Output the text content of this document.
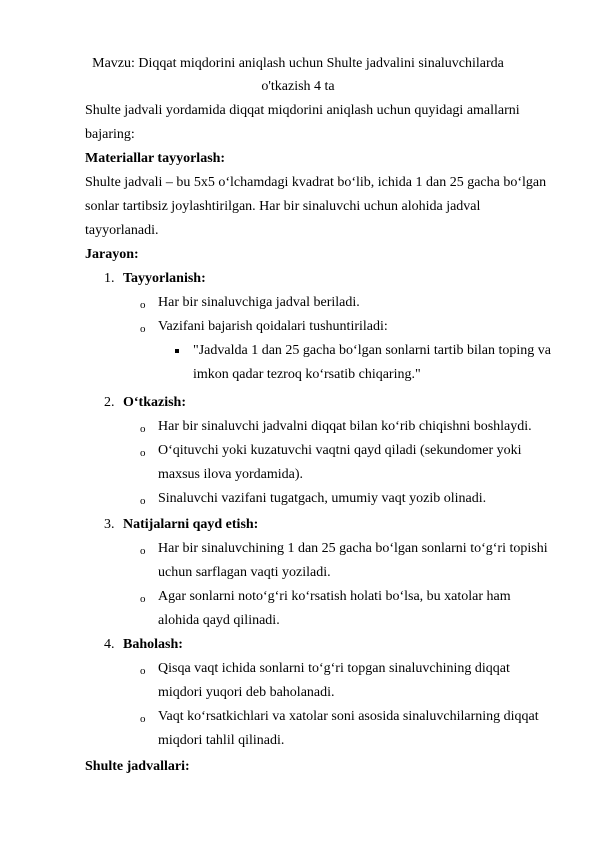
Mavzu: Diqqat miqdorini aniqlash uchun Shulte jadvalini sinaluvchilarda
o'tkazish 4 ta
Shulte jadvali yordamida diqqat miqdorini aniqlash uchun quyidagi amallarni
bajaring:
Materiallar tayyorlash:
Shulte jadvali – bu 5x5 oʻlchamdagi kvadrat boʻlib, ichida 1 dan 25 gacha boʻlgan
sonlar tartibsiz joylashtirilgan. Har bir sinaluvchi uchun alohida jadval
tayyorlanadi.
Jarayon:
1. Tayyorlanish:
o Har bir sinaluvchiga jadval beriladi.
o Vazifani bajarish qoidalari tushuntiriladi:
"Jadvalda 1 dan 25 gacha boʻlgan sonlarni tartib bilan toping va
imkon qadar tezroq koʻrsatib chiqaring."
2. Oʻtkazish:
o Har bir sinaluvchi jadvalni diqqat bilan koʻrib chiqishni boshlaydi.
o Oʻqituvchi yoki kuzatuvchi vaqtni qayd qiladi (sekundomer yoki
maxsus ilova yordamida).
o Sinaluvchi vazifani tugatgach, umumiy vaqt yozib olinadi.
3. Natijalarni qayd etish:
o Har bir sinaluvchining 1 dan 25 gacha boʻlgan sonlarni toʻgʻri topishi
uchun sarflagan vaqti yoziladi.
o Agar sonlarni notoʻgʻri koʻrsatish holati boʻlsa, bu xatolar ham
alohida qayd qilinadi.
4. Baholash:
o Qisqa vaqt ichida sonlarni toʻgʻri topgan sinaluvchining diqqat
miqdori yuqori deb baholanadi.
o Vaqt koʻrsatkichlari va xatolar soni asosida sinaluvchilarning diqqat
miqdori tahlil qilinadi.
Shulte jadvallari:
